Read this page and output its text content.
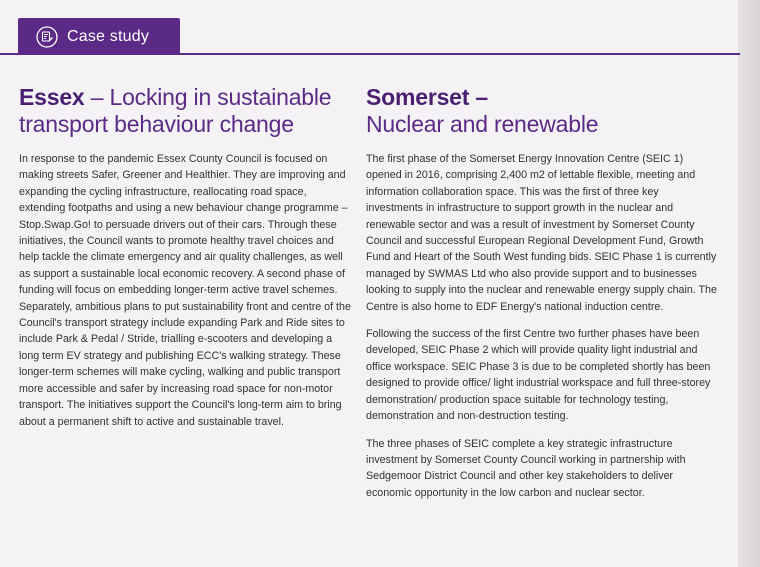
Case study
Essex – Locking in sustainable transport behaviour change

In response to the pandemic Essex County Council is focused on making streets Safer, Greener and Healthier. They are improving and expanding the cycling infrastructure, reallocating road space, extending footpaths and using a new behaviour change programme – Stop.Swap.Go! to persuade drivers out of their cars. Through these initiatives, the Council wants to promote healthy travel choices and help tackle the climate emergency and air quality challenges, as well as support a sustainable local economic recovery. A second phase of funding will focus on embedding longer-term active travel schemes. Separately, ambitious plans to put sustainability front and centre of the Council's transport strategy include expanding Park and Ride sites to include Park & Pedal / Stride, trialling e-scooters and developing a long term EV strategy and publishing ECC's walking strategy. These longer-term schemes will make cycling, walking and public transport more accessible and safer by increasing road space for non-motor transport. The initiatives support the Council's long-term aim to bring about a permanent shift to active and sustainable travel.

Somerset –
Nuclear and renewable

The first phase of the Somerset Energy Innovation Centre (SEIC 1) opened in 2016, comprising 2,400 m2 of lettable flexible, meeting and information collaboration space. This was the first of three key investments in infrastructure to support growth in the nuclear and renewable sector and was a result of investment by Somerset County Council and successful European Regional Development Fund, Growth Fund and Heart of the South West funding bids. SEIC Phase 1 is currently managed by SWMAS Ltd who also provide support and to businesses looking to supply into the nuclear and renewable energy supply chain. The Centre is also home to EDF Energy's national induction centre.

Following the success of the first Centre two further phases have been developed, SEIC Phase 2 which will provide quality light industrial and office workspace. SEIC Phase 3 is due to be completed shortly has been designed to provide office/ light industrial workspace and full three-storey demonstration/ production space suitable for technology testing, demonstration and non-destruction testing.

The three phases of SEIC complete a key strategic infrastructure investment by Somerset County Council working in partnership with Sedgemoor District Council and other key stakeholders to deliver economic opportunity in the low carbon and nuclear sector.
